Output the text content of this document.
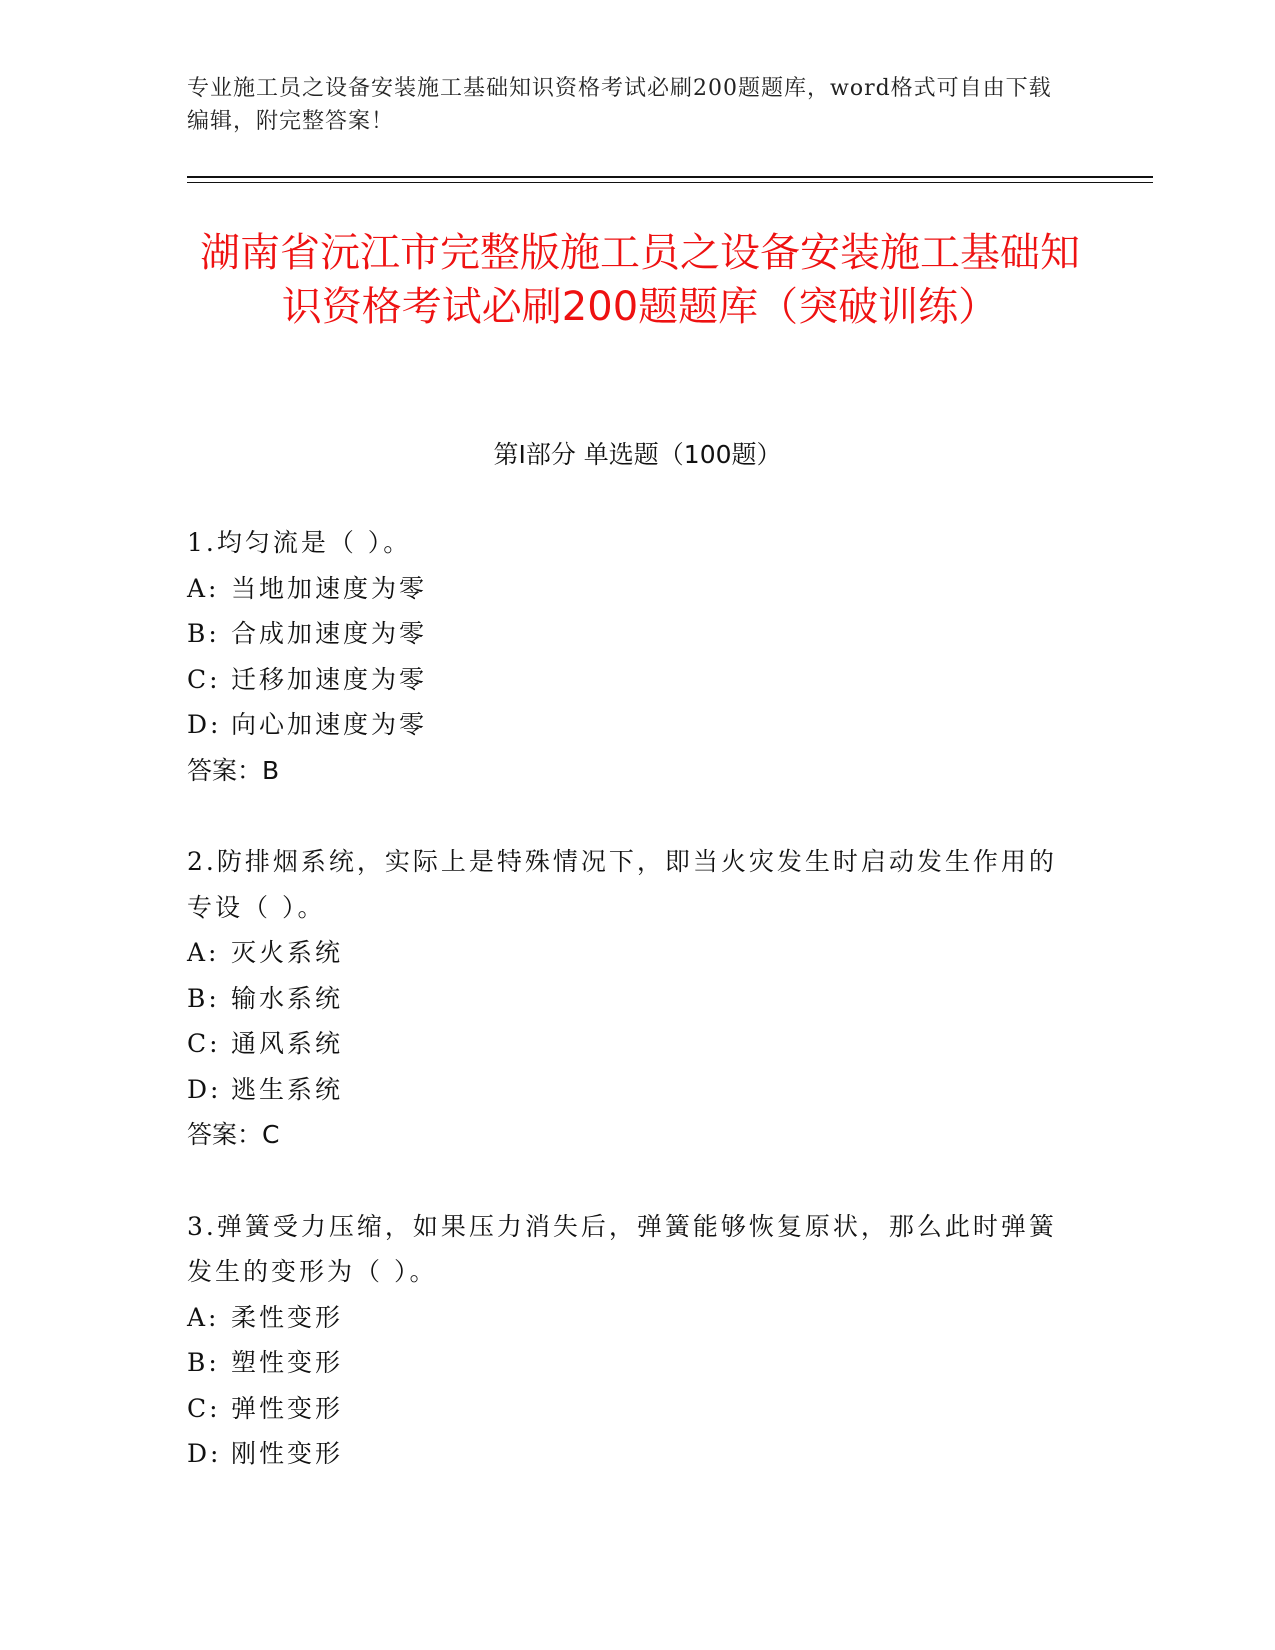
专业施工员之设备安装施工基础知识资格考试必刷200题题库，word格式可自由下载编辑，附完整答案！
湖南省沅江市完整版施工员之设备安装施工基础知识资格考试必刷200题题库（突破训练）
第I部分 单选题（100题）
1.均匀流是（ ）。
A: 当地加速度为零
B: 合成加速度为零
C: 迁移加速度为零
D: 向心加速度为零
答案：B
2.防排烟系统，实际上是特殊情况下，即当火灾发生时启动发生作用的专设（ ）。
A: 灭火系统
B: 输水系统
C: 通风系统
D: 逃生系统
答案：C
3.弹簧受力压缩，如果压力消失后，弹簧能够恢复原状，那么此时弹簧发生的变形为（ ）。
A: 柔性变形
B: 塑性变形
C: 弹性变形
D: 刚性变形
